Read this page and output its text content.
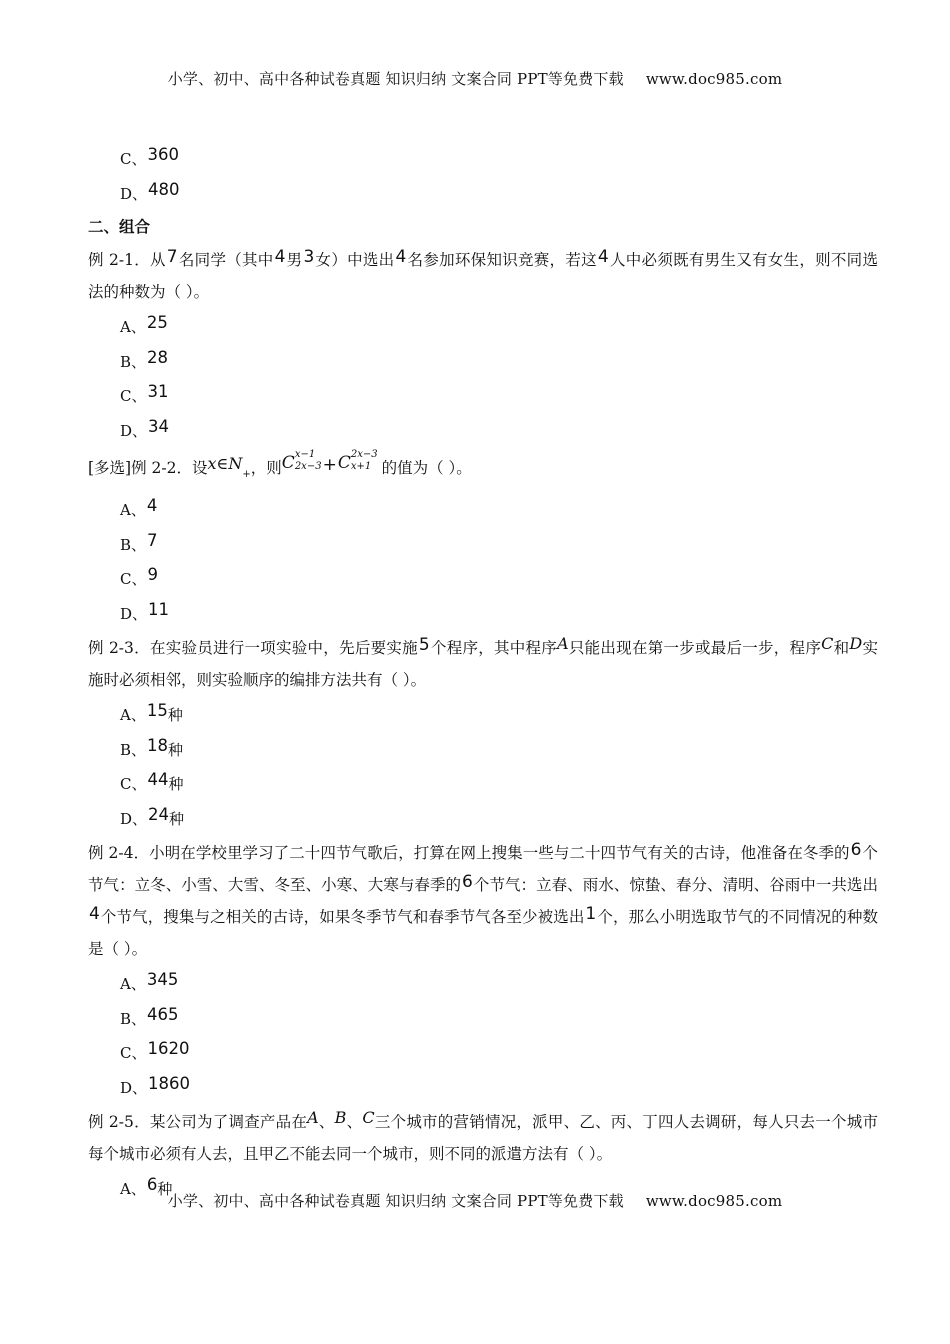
小学、初中、高中各种试卷真题 知识归纳 文案合同 PPT等免费下载 www.doc985.com
C、360
D、480
二、组合
例 2-1．从7名同学（其中4男3女）中选出4名参加环保知识竞赛，若这4人中必须既有男生又有女生，则不同选法的种数为（ ）。
A、25
B、28
C、31
D、34
[多选]例 2-2．设$x\in N_+$，则C x−1
2x−3 +C 2x−3
x+1 的值为（ ）。
A、4
B、7
C、9
D、11
例 2-3．在实验员进行一项实验中，先后要实施5个程序，其中程序A只能出现在第一步或最后一步，程序C和D实施时必须相邻，则实验顺序的编排方法共有（ ）。
A、15种
B、18种
C、44种
D、24种
例 2-4．小明在学校里学习了二十四节气歌后，打算在网上搜集一些与二十四节气有关的古诗，他准备在冬季的6个节气：立冬、小雪、大雪、冬至、小寒、大寒与春季的6个节气：立春、雨水、惊蛰、春分、清明、谷雨中一共选出4个节气，搜集与之相关的古诗，如果冬季节气和春季节气各至少被选出1个，那么小明选取节气的不同情况的种数是（ ）。
A、345
B、465
C、1620
D、1860
例 2-5．某公司为了调查产品在A、B、C三个城市的营销情况，派甲、乙、丙、丁四人去调研，每人只去一个城市每个城市必须有人去，且甲乙不能去同一个城市，则不同的派遣方法有（ ）。
A、6种
小学、初中、高中各种试卷真题 知识归纳 文案合同 PPT等免费下载 www.doc985.com
